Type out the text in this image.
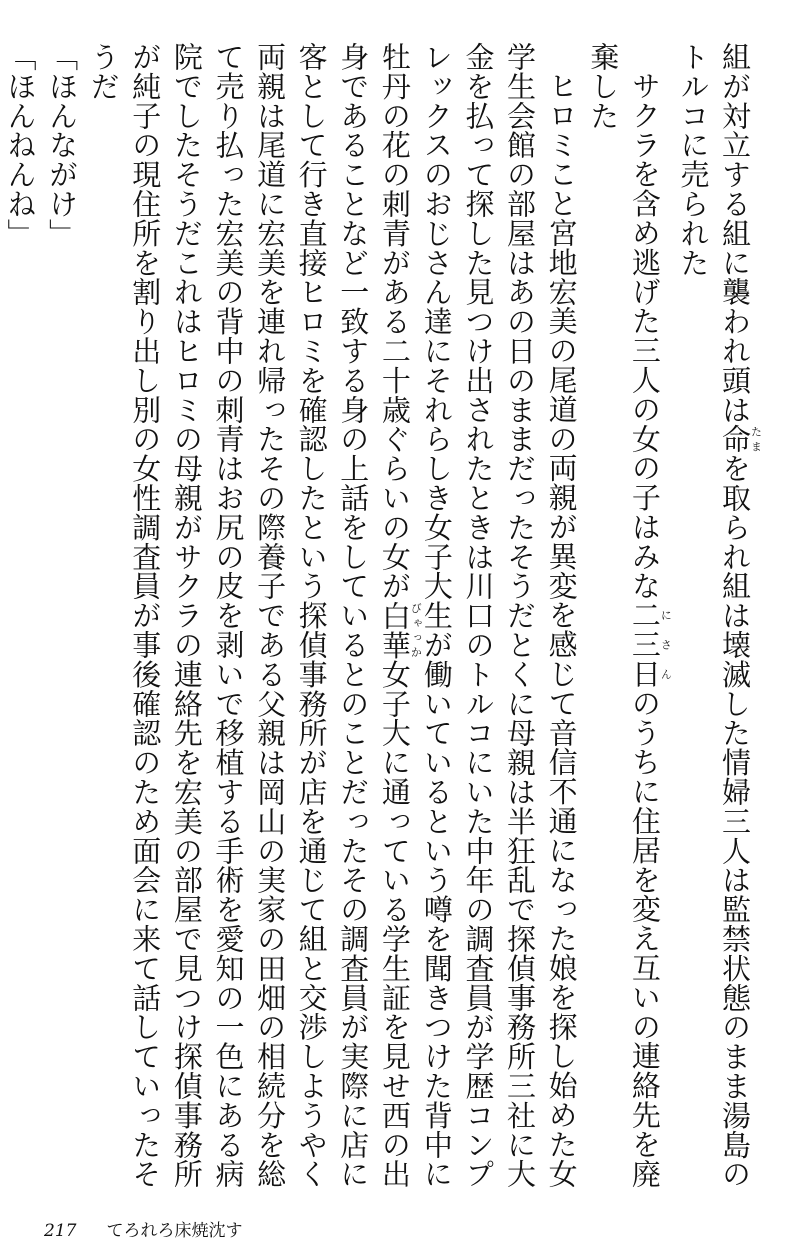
組が対立する組に襲われ頭は命たまを取られ組は壊滅した情婦三人は監禁状態のまま湯島のトルコに売られた

サクラを含め逃げた三人の女の子はみな二三日にさんのうちに住居を変え互いの連絡先を廃棄した

ヒロミこと宮地宏美の尾道の両親が異変を感じて音信不通になった娘を探し始めた女学生会館の部屋はあの日のままだったそうだとくに母親は半狂乱で探偵事務所三社に大金を払って探した見つけ出されたときは川口のトルコにいた中年の調査員が学歴コンプレックスのおじさん達にそれらしき女子大生が働いているという噂を聞きつけた背中に牡丹の花の刺青がある二十歳ぐらいの女が白華びゃっか女子大に通っている学生証を見せ西の出身であることなど一致する身の上話をしているとのことだったその調査員が実際に店に客として行き直接ヒロミを確認したという探偵事務所が店を通じて組と交渉しようやく両親は尾道に宏美を連れ帰ったその際養子である父親は岡山の実家の田畑の相続分を総て売り払った宏美の背中の刺青はお尻の皮を剥いで移植する手術を愛知の一色にある病院でしたそうだこれはヒロミの母親がサクラの連絡先を宏美の部屋で見つけ探偵事務所が純子の現住所を割り出し別の女性調査員が事後確認のため面会に来て話していったそうだ

「ほんながけ」

「ほんねんね」

217 てろれろ床焼沈す
